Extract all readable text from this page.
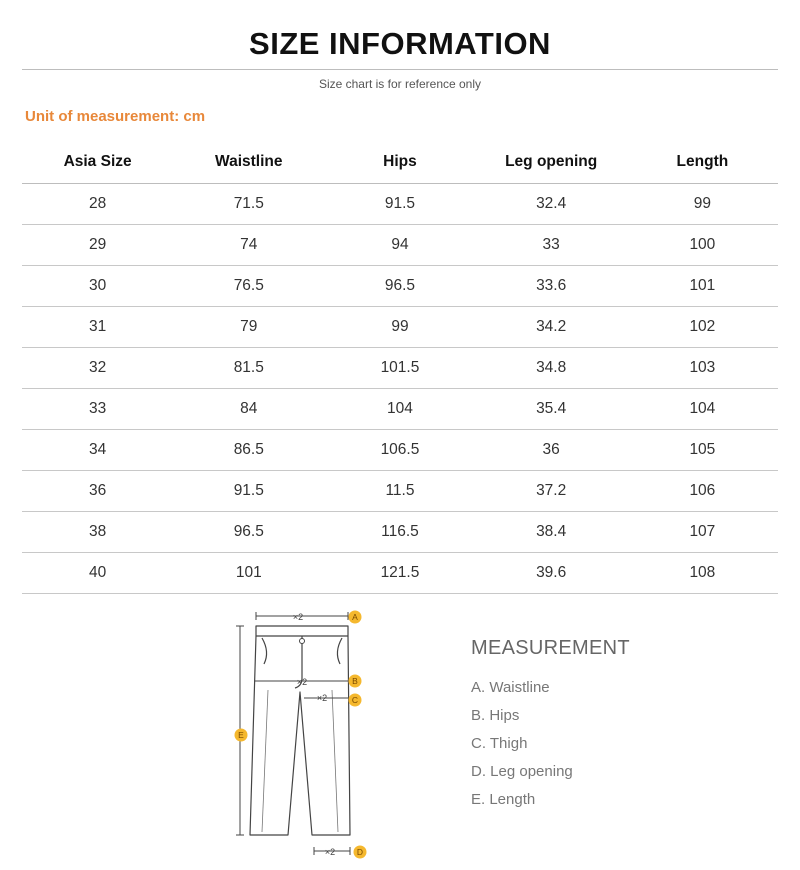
SIZE INFORMATION
Size chart is for reference only
Unit of measurement: cm
Asia Size	Waistline	Hips	Leg opening	Length
28	71.5	91.5	32.4	99
29	74	94	33	100
30	76.5	96.5	33.6	101
31	79	99	34.2	102
32	81.5	101.5	34.8	103
33	84	104	35.4	104
34	86.5	106.5	36	105
36	91.5	11.5	37.2	106
38	96.5	116.5	38.4	107
40	101	121.5	39.6	108
×2
×2
×2
×2
A
B
C
D
E
MEASUREMENT
A. Waistline
B. Hips
C. Thigh
D. Leg opening
E. Length
